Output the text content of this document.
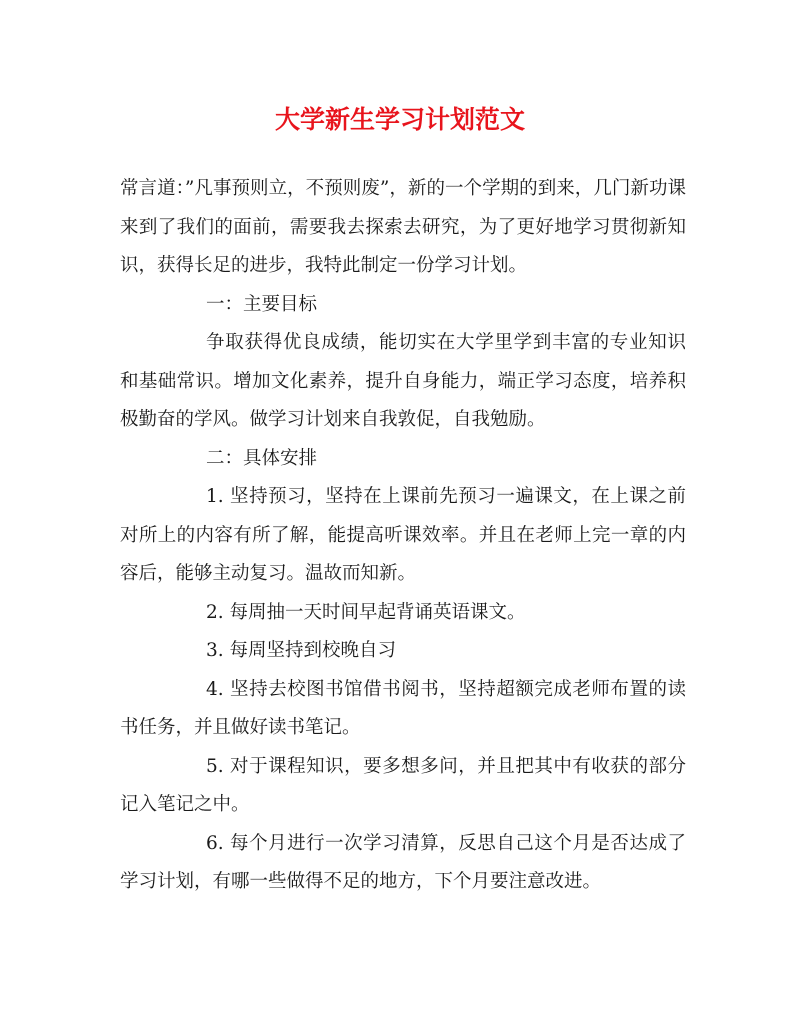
大学新生学习计划范文

常言道：”凡事预则立，不预则废”，新的一个学期的到来，几门新功课来到了我们的面前，需要我去探索去研究，为了更好地学习贯彻新知识，获得长足的进步，我特此制定一份学习计划。

一：主要目标

争取获得优良成绩，能切实在大学里学到丰富的专业知识和基础常识。增加文化素养，提升自身能力，端正学习态度，培养积极勤奋的学风。做学习计划来自我敦促，自我勉励。

二：具体安排

1. 坚持预习，坚持在上课前先预习一遍课文，在上课之前对所上的内容有所了解，能提高听课效率。并且在老师上完一章的内容后，能够主动复习。温故而知新。

2. 每周抽一天时间早起背诵英语课文。

3. 每周坚持到校晚自习

4. 坚持去校图书馆借书阅书，坚持超额完成老师布置的读书任务，并且做好读书笔记。

5. 对于课程知识，要多想多问，并且把其中有收获的部分记入笔记之中。

6. 每个月进行一次学习清算，反思自己这个月是否达成了学习计划，有哪一些做得不足的地方，下个月要注意改进。
